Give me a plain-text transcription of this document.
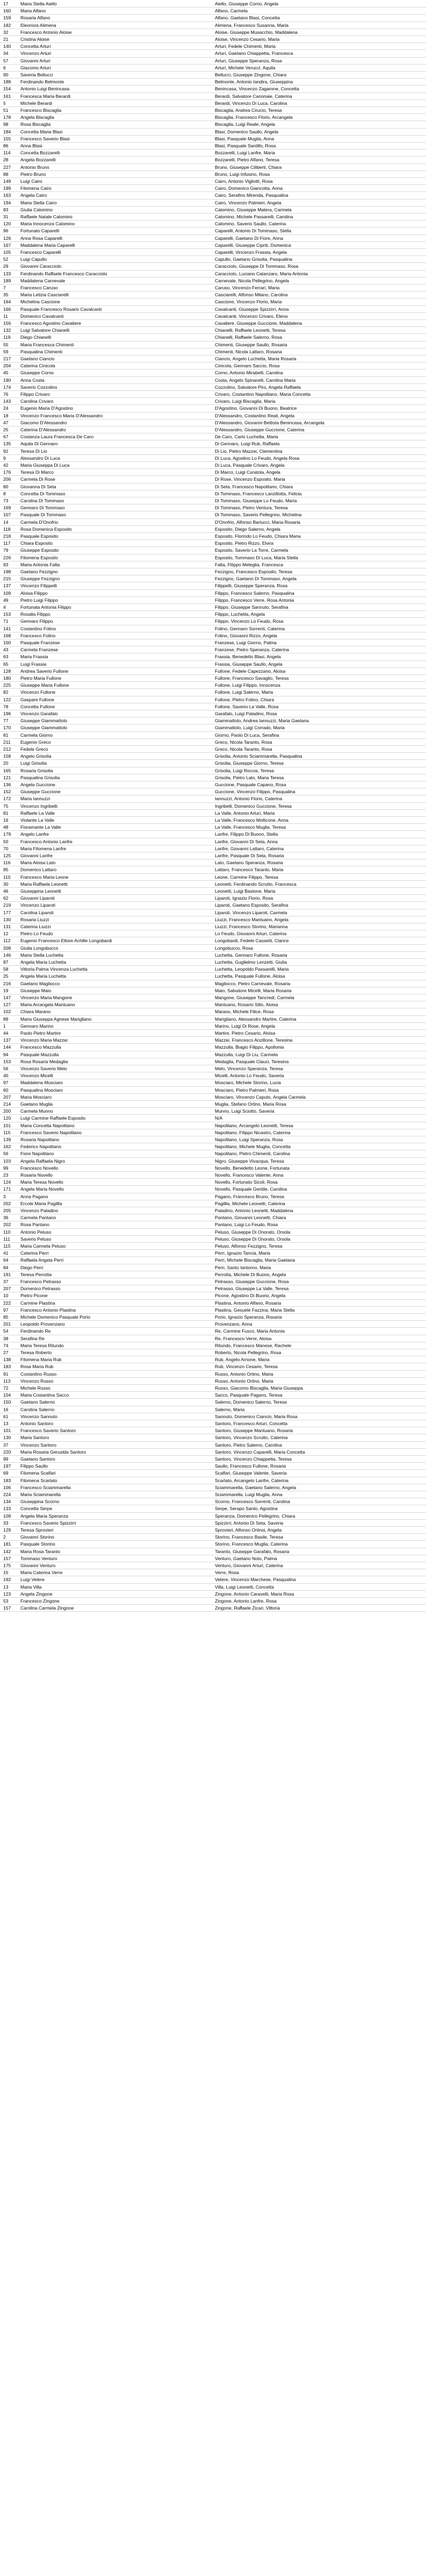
17	Maria Stella Aiello	Aiello, Giuseppe Corno, Angela
160	Maria Alfano	Alfano, Carmela
159	Rosaria Alfano	Alfano, Gaetano Blasi, Concetta
182	Eleonora Alimena	Alimena, Francesco Susanna, Maria
32	Francesco Antonio Aloise	Aloise, Giuseppe Musacchio, Maddalena
21	Cristina Aloise	Aloise, Vincenzo Cesario, Maria
140	Concetta Arturi	Arturi, Fedele Chimenti, Maria
34	Vincenzo Arturi	Arturi, Gaetano Chiappetta, Francesca
57	Giovanni Arturi	Arturi, Giuseppe Speranza, Rosa
6	Giacomo Arturi	Arturi, Michele Veruccl, Aquila
90	Saveria Bellucci	Bellucci, Giuseppe Zingone, Chiara
188	Ferdinando Belmonte	Belmonte, Antonio Iandira, Giuseppina
154	Antonio Luigi Benincasa	Benincasa, Vincenzo Zagarone, Concetta
161	Francesca Maria Berardi	Berardi, Salvatore Canonaie, Caterina
5	Michele Berardi	Berardi, Vincenzo Di Luca, Carolina
51	Francesco Biscaglia	Biscaglia, Andrea Cirucio, Teresa
178	Angela Biscaglia	Biscaglia, Francesco Florio, Arcangela
98	Rosa Biscaglia	Biscaglia, Luigi Reale, Angela
184	Concetta Maria Blasi	Blasi, Domenico Saullo, Angela
155	Francesco Saverio Blasi	Blasi, Pasquale Muglia, Anna
86	Anna Blasi	Blasi, Pasquale Santillo, Rosa
114	Concetta Bozzarelli	Bozzarelli, Luigi Lanfre, Maria
28	Angela Bozzarelli	Bozzarelli, Pietro Alfano, Teresa
227	Antonio Bruno	Bruno, Giuseppe Ciliberti, Chiara
88	Pietro Bruno	Bruno, Luigi Infusino, Rosa
149	Luigi Cairo	Cairo, Antonio Vigliotti, Rosa
199	Filomena Cairo	Cairo, Domenico Giancotta, Anna
163	Angela Cairo	Cairo, Serafino Mirenda, Pasqualina
194	Maria Stella Cairo	Cairo, Vincenzo Palmieri, Angela
83	Giulia Calomino	Calomino, Giuseppe Matera, Carmela
31	Raffaele Natale Calomino	Calomino, Michele Passarelli, Carolina
120	Maria Innocenza Calomino	Calomino, Saverio Saullo, Caterina
96	Fortunato Caparelli	Caparelli, Antonio Di Tommaso, Stella
126	Anna Rosa Caparelli	Caparelli, Gaetano Di Fiore, Anna
167	Maddalena Maria Caparelli	Caparelli, Giuseppe Cipriti, Domenica
105	Francesco Caparelli	Caparelli, Vincenzo Frassia, Angela
52	Luigi Capullo	Capullo, Gaetano Grisolia, Pasqualina
29	Giovanni Caracciolo	Caracciolo, Giuseppe Di Tommaso, Rosa
133	Ferdinando Raffaele Francesco Caracciolo	Caracciolo, Luciano Catanzaro, Maria Antonia
189	Maddalena Carnevale	Carnevale, Nicola Pellegrino, Angela
7	Francesco Caruso	Caruso, Vincenzo Ferrari, Maria
35	Maria Letizia Casciarelli	Casciarelli, Alfonso Milano, Carolina
164	Michelina Cascione	Cascione, Vincenzo Florio, Maria
166	Pasquale Francesco Rosario Cavalcanti	Cavalcanti, Giuseppe Spizzirri, Anna
11	Domenico Cavalcanti	Cavalcanti, Vincenzo Crivaro, Elena
156	Francesco Agostino Cavaliere	Cavaliere, Giuseppe Guccione, Maddalena
132	Luigi Salvatore Chianelli	Chianelli, Raffaele Leonetti, Teresa
119	Diego Chianelli	Chianelli, Raffaele Salerno, Rosa
55	Maria Francesca Chimenti	Chimenti, Giuseppe Saullo, Rosaria
59	Pasqualina Chimenti	Chimenti, Nicola Lattaro, Rosaria
217	Gaetano Ciancio	Ciancio, Angelo Luchetta, Maria Rosaria
204	Caterina Cinicola	Cinicola, Gennaro Saccio, Rosa
45	Giuseppe Corno	Corno, Antonio Mirabelli, Carolina
190	Anna Costa	Costa, Angelo Spinarelli, Carolina Maria
174	Saverio Cozzolino	Cozzolino, Salvatore Piro, Angela Raffaela
76	Filippo Crivaro	Crivaro, Costantino Napolitano, Maria Concetta
143	Carolina Crivaro	Crivaro, Luigi Biscaglia, Maria
24	Eugenio Maria D'Agostino	D'Agostino, Giovanni Di Buono, Beatrice
18	Vincenzo Francesco Maria D'Alessandro	D'Alessandro, Costantino Reali, Angela
47	Giacomo D'Alessandro	D'Alessandro, Giovanni Bettista Benincasa, Arcangela
25	Caterina D'Alessandro	D'Alessandro, Giuseppe Guccione, Caterina
67	Costanza Laura Francesca De Caro	De Caro, Carlo Luchetta, Maria
135	Aquila Di Gennaro	Di Gennaro, Luigi Rub, Raffaela
92	Teresa Di Lio	Di Lio, Pietro Mazzei, Clementina
9	Alessandro Di Luca	Di Luca, Agostino Lo Feudo, Angela Rosa
42	Maria Giuseppa Di Luca	Di Luca, Pasquale Crivaro, Angela
176	Teresa Di Marco	Di Marco, Luigi Curatola, Angela
206	Carmela Di Rose	Di Rose, Vincenzo Esposito, Maria
80	Giovanna Di Seta	Di Seta, Francesco Napolitano, Chiara
8	Concetta Di Tommaso	Di Tommaso, Francesco Lanzillotta, Felicia
73	Carolina Di Tommaso	Di Tommaso, Giuseppe Lo Feudo, Maria
169	Gennaro Di Tommaso	Di Tommaso, Pietro Ventura, Teresa
107	Pasquale Di Tommaso	Di Tommaso, Saverio Pellegrino, Michelina
14	Carmela D'Onofrio	D'Onofrio, Alfonso Bartucci, Maria Rosaria
118	Rosa Domenica Esposito	Esposito, Diego Salerno, Angela
218	Pasquale Esposito	Esposito, Florindo Lo Feudo, Chiara Maria
117	Chiara Esposito	Esposito, Pietro Rizzo, Elvira
79	Giuseppe Esposito	Esposito, Saverio La Torre, Carmela
226	Filomena Esposito	Esposito, Tommaso Di Luca, Maria Stella
93	Maria Antonia Falta	Falta, Filippo Meleglia, Francesca
198	Gaetano Fezzigno	Fezzigno, Francesco Esposito, Teresa
215	Giuseppe Fezzigno	Fezzigno, Gaetano Di Tommaso, Angela
137	Vincenzo Filippelli	Filippelli, Giuseppe Speranza, Rosa
109	Aloisa Filippo	Filippo, Francesco Salerno, Pasqualina
49	Pietro Luigi Filippo	Filippo, Francesco Verre, Rosa Antonia
4	Fortunata Antonia Filippo	Filippo, Giuseppe Sannuto, Serafina
153	Rosalia Filippo	Filippo, Luchetta, Angela
71	Gennaro Filippo	Filippo, Vincenzo Lo Feudo, Rosa
141	Costantino Folino	Folino, Gennaro Sorrenti, Caterina
168	Francesco Folino	Folino, Giovanni Rizzo, Angela
100	Pasquale Franzese	Franzese, Luigi Giorno, Palma
43	Carmela Franzese	Franzese, Pietro Speranza, Caterina
63	Maria Frassia	Frassia, Benedetto Blasi, Angela
65	Luigi Frassia	Frassia, Giuseppe Saullo, Angela
128	Andrea Saverio Fullone	Fullone, Fedele Capezzano, Aloisa
180	Pietro Maria Fullone	Fullone, Francesco Savaglio, Teresa
225	Giuseppe Maria Fullone	Fullone, Luigi Filippo, Innocenza
82	Vincenzo Fullone	Fullone, Luigi Salerno, Maria
122	Gaspare Fullone	Fullone, Pietro Folino, Chiara
78	Concetta Fullone	Fullone, Saverio La Valle, Rosa
196	Vincenzo Garafalo	Garafalo, Luigi Paladino, Rosa
77	Giuseppe Giammattolo	Giammattolo, Andrea Iannuzzi, Maria Gaetana
170	Giuseppe Giammattolo	Giammattolo, Luigi Corrado, Maria
81	Carmela Giorno	Giorno, Paolo Di Luca, Serafina
211	Eugenio Greco	Greco, Nicola Taranto, Rosa
212	Fedele Greco	Greco, Nicola Taranto, Rosa
158	Angelo Grisolia	Grisolia, Antonio Sciammarella, Pasqualina
20	Luigi Grisolia	Grisolia, Giuseppe Giorno, Teresa
165	Rosaria Grisolia	Grisolia, Luigi Roccia, Teresa
121	Pasqualina Grisolia	Grisolia, Pietro Lato, Maria Teresa
136	Angela Guccione	Guccione, Pasquale Capano, Rosa
152	Giuseppe Guccione	Guccione, Vincenzo Filippo, Pasqualina
172	Maria Iannuzzi	Iannuzzi, Antonio Florio, Caterina
75	Vincenzo Ingribelli	Ingribelli, Domenico Guccione, Teresa
81	Raffaele La Valle	La Valle, Antonio Arturi, Maria
16	Violante La Valle	La Valle, Francesco Mollicone, Anna
48	Fioramante La Valle	La Valle, Francesco Muglia, Teresa
179	Angelo Lanfre	Lanfre, Filippo Di Buono, Stella
50	Francesco Antonio Lanfre	Lanfre, Giovanni Di Seta, Anna
70	Maria Filomena Lanfre	Lanfre, Giovanni Lattaro, Caterina
125	Giovanni Lanfre	Lanfre, Pasquale Di Seta, Rosaria
116	Maria Aloisa Lato	Lato, Gaetano Speranza, Rosaria
95	Domenico Lattaro	Lattaro, Francesco Taranto, Maria
110	Francesco Maria Leone	Leone, Carmine Filippo, Teresa
30	Maria Raffaela Leonetti	Leonetti, Ferdinando Scrutto, Francesca
46	Giuseppina Leonetti	Leonetti, Luigi Bastone, Maria
62	Giovanni Liparoti	Liparoti, Ignazio Florio, Rosa
219	Vincenzo Liparoti	Liparoti, Gaetano Esposito, Serafina
177	Carolina Liparoti	Liparoti, Vincenzo Liparoti, Carmela
130	Rosaria Liuzzi	Liuzzi, Francesco Mantuano, Angela
131	Caterina Liuzzi	Liuzzi, Francesco Storino, Marianna
12	Pietro Lo Feudo	Lo Feudo, Giovanni Arturi, Caterina
112	Eugenio Francesco Ettore Achille Longobardi	Longobardi, Fedele Cassetti, Clarice
208	Giulia Longobucco	Longobucco, Rosa
146	Maria Stella Luchetta	Luchetta, Gennaro Fullone, Rosaria
87	Angela Maria Luchetta	Luchetta, Guglielmo Lenzetti, Giulia
58	Vittoria Palma Vincenza Luchetta	Luchetta, Leopoldo Passarelli, Maria
25	Angela Maria Luchetta	Luchetta, Pasquale Fullone, Aloisa
216	Gaetano Magliocco	Magliocco, Pietro Carnevale, Rosaria
19	Giuseppe Maio	Maio, Salvatore Micelli, Maria Rosaria
147	Vincenzo Maria Mangone	Mangone, Giuseppe Tancredi, Carmela
127	Maria Arcangela Mantuano	Mantuano, Rosario Sillo, Aloisa
102	Chiara Marano	Marano, Michele Filice, Rosa
89	Maria Giuseppa Agnese Marigliano	Marigliano, Alessandro Martire, Caterina
1	Gennaro Marino	Marino, Luigi Di Rose, Angela
44	Paolo Pietro Martire	Martire, Pietro Cesario, Aloisa
137	Vincenzo Maria Mazzei	Mazzei, Francesco Anzillone, Teresina
144	Francesco Mazzulla	Mazzulla, Biagio Filippo, Apollonia
94	Pasquale Mazzulla	Mazzulla, Luigi Di Liu, Carmela
153	Rosa Rosaria Medaglia	Medaglia, Pasquale Clauci, Teresina
56	Vincenzo Saverio Melo	Melo, Vincenzo Speranza, Teresa
40	Vincenzo Micelli	Micelli, Antonio Lo Feudo, Saveria
97	Maddalena Mosciaro	Mosciaro, Michele Storino, Lucia
60	Pasqualina Mosciaro	Mosciaro, Pietro Palmieri, Rosa
207	Maria Mosciaro	Mosciaro, Vincenzo Caputo, Angela Carmela
214	Gaetano Muglia	Muglia, Stefano Ortino, Maria Rosa
200	Carmela Munno	Munno, Luigi Sciotto, Saveria
120	Luigi Carmine Raffaele Esposito	N/A
101	Maria Concetta Napolitano	Napolitano, Arcangelo Leonetti, Teresa
115	Francesco Saverio Napolitano	Napolitano, Filippo Nicastro, Caterina
139	Rosaria Napolitano	Napolitano, Luigi Speranza, Rosa
162	Federico Napolitano	Napolitano, Michele Muglia, Concetta
56	Fiore Napolitano	Napolitano, Pietro Chimenti, Carolina
103	Angela Raffaela Nigro	Nigro, Giuseppe Vivacqua, Teresa
99	Francesco Novello	Novello, Benedetto Leone, Fortunata
23	Rosaria Novello	Novello, Francesco Valente, Anna
124	Maria Teresa Novello	Novello, Fortunato Sicoli, Rosa
171	Angela Maria Novello	Novello, Pasquale Gentile, Carolina
3	Anna Pagano	Pagano, Francesco Bruno, Teresa
202	Ercole Maria Pagillla	Pagillla, Michele Leonetti, Caterina
205	Vincenzo Paladino	Paladino, Antonio Leonetti, Maddalena
36	Carmela Pantano	Pantano, Giovanni Leonetti, Chiara
202	Rosa Pantano	Pantano, Luigi Lo Feudo, Rosa
110	Antonio Peluso	Peluso, Giuseppe Di Onorato, Orsola
111	Saverio Peluso	Peluso, Giuseppe Di Onorato, Orsola
115	Maria Carmela Peluso	Peluso, Alfonso Fezzigno, Teresa
41	Caterina Perri	Perri, Ignazio Tancia, Maria
64	Raffaela Angela Perri	Perri, Michele Biscaglia, Maria Gaetana
84	Diego Perri	Perri, Santo Iantorno, Maria
191	Teresa Perrotta	Perrotta, Michele Di Buono, Angela
37	Francesco Petrasso	Petrasso, Giuseppe Guccione, Rosa
207	Domenico Petrasso	Petrasso, Giuseppe La Valle, Teresa
10	Pietro Picone	Picone, Agostino Di Buono, Angela
222	Carmine Plastina	Plastina, Antonio Alfano, Rosaria
97	Francesco Antonio Plastina	Plastina, Gesuele Fazzina, Maria Stella
85	Michele Domenico Pasquale Porio	Porio, Ignazio Speranza, Rosaria
201	Leopoldo Provenzano	Provenzano, Anna
54	Ferdinando Re	Re, Carmine Fusco, Maria Antonia
38	Serafina Re	Re, Francesco Verre, Aloisa
74	Maria Teresa Ritundo	Ritundo, Francesco Manese, Rachele
27	Teresa Roberto	Roberto, Nicola Pellegrino, Rosa
138	Filomena Maria Rub	Rub, Angelo Arnone, Maria
183	Rosa Maria Rub	Rub, Vincenzo Cesario, Teresa
91	Costantino Russo	Russo, Antonio Ortino, Maria
113	Vincenzo Russo	Russo, Antonio Ortino, Maria
72	Michele Russo	Russo, Giacomo Biscaglia, Maria Giuseppa
104	Maria Costantina Sacco	Sacco, Pasquale Pagano, Teresa
150	Gaetano Salerno	Salerno, Domenico Salerno, Teresa
16	Carolina Salerno	Salerno, Maria
61	Vincenzo Sannuto	Sannuto, Domenico Ciancio, Maria Rosa
13	Antonio Santoro	Santoro, Francesco Arturi, Concetta
101	Francesco Saverio Santoro	Santoro, Giuseppe Mantuano, Rosaria
130	Maria Santoro	Santoro, Vincenzo Scrutto, Caterina
37	Vincenzo Santoro	Santoro, Pietro Salerno, Carolina
220	Maria Rosaria Geruslda Santoro	Santoro, Vincenzo Caparelli, Maria Concetta
99	Gaetano Santoro	Santoro, Vincenzo Chiappetta, Teresa
197	Filippo Saullo	Saullo, Francesco Fullone, Rosaria
69	Filomena Scalfari	Scalfari, Giuseppe Valente, Saveria
183	Filomena Scarlato	Scarlato, Arcangelo Lanfre, Caterina
106	Francesco Sciammarella	Sciammarella, Gaetano Salerno, Angela
224	Maria Sciammarella	Sciammarella, Luigi Muglia, Anna
134	Giuseppina Scorno	Scorno, Francesco Sorrenti, Carolina
133	Concetta Serpe	Serpe, Serapo Santo, Agostina
108	Angela Maria Speranza	Speranza, Domenico Pellegrino, Chiara
33	Francesco Saverio Spizzirri	Spizzirri, Antonio Di Seta, Saveria
129	Teresa Sprovieri	Sprovieri, Alfonso Ortinoi, Angela
2	Giovanni Storino	Storino, Francesco Basile, Teresa
181	Pasquale Storino	Storino, Francesco Muglia, Caterina
142	Maria Rosa Taranto	Taranto, Giuseppe Garafalo, Rosaria
157	Tommaso Venturo	Venturo, Gaetano Noto, Palma
175	Giovanni Venturo	Venturo, Giovanni Arturi, Caterina
15	Maria Caterina Verre	Verre, Rosa
192	Luigi Vetere	Vetere, Vincenzo Marchese, Pasqualina
13	Maria Villa	Villa, Luigi Leonetti, Concetta
123	Angela Zingone	Zingone, Antonio Caravelli, Maria Rosa
53	Francesco Zingone	Zingone, Antonio Lanfre, Rosa
157	Carolina Carmela Zingone	Zingone, Raffaele Zicari, Vittoria
